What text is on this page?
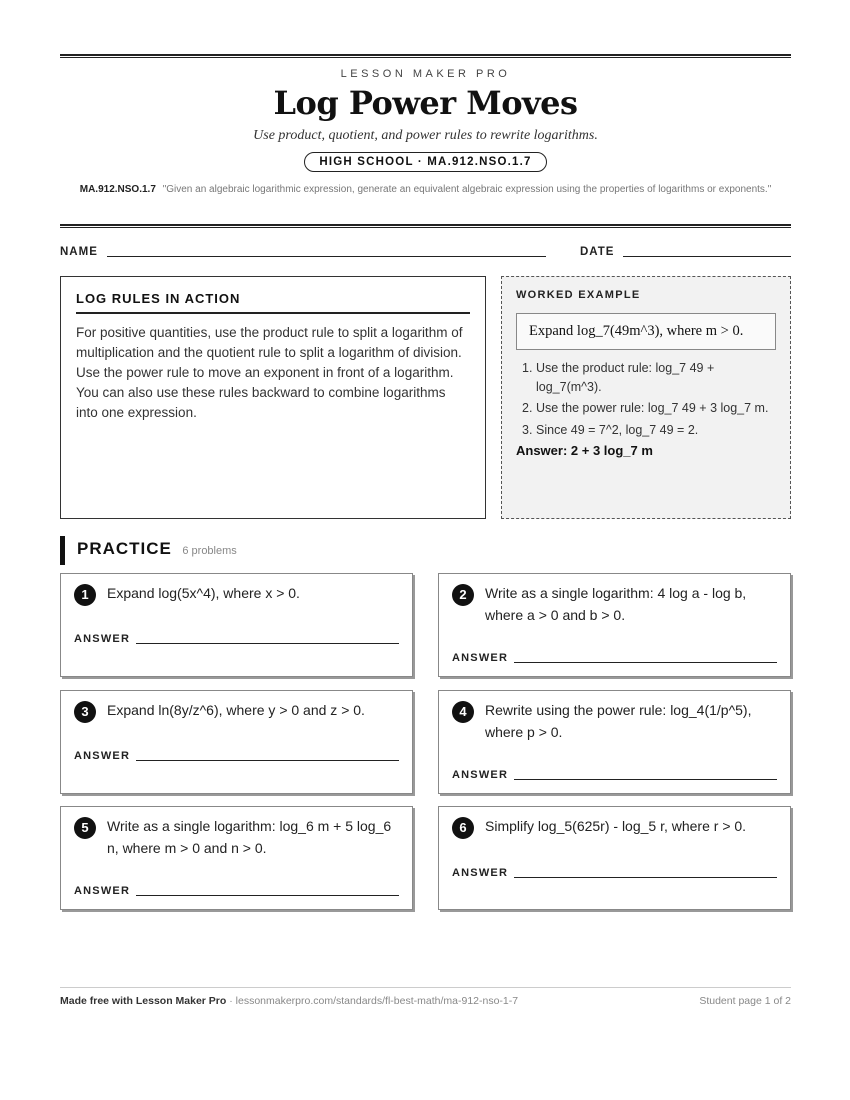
LESSON MAKER PRO
Log Power Moves
Use product, quotient, and power rules to rewrite logarithms.
HIGH SCHOOL · MA.912.NSO.1.7
MA.912.NSO.1.7 "Given an algebraic logarithmic expression, generate an equivalent algebraic expression using the properties of logarithms or exponents."
NAME	DATE
LOG RULES IN ACTION
For positive quantities, use the product rule to split a logarithm of multiplication and the quotient rule to split a logarithm of division. Use the power rule to move an exponent in front of a logarithm. You can also use these rules backward to combine logarithms into one expression.
WORKED EXAMPLE
Expand log_7(49m^3), where m > 0.
1. Use the product rule: log_7 49 + log_7(m^3).
2. Use the power rule: log_7 49 + 3 log_7 m.
3. Since 49 = 7^2, log_7 49 = 2.
Answer: 2 + 3 log_7 m
PRACTICE 6 problems
1	Expand log(5x^4), where x > 0.
ANSWER
2	Write as a single logarithm: 4 log a - log b, where a > 0 and b > 0.
ANSWER
3	Expand ln(8y/z^6), where y > 0 and z > 0.
ANSWER
4	Rewrite using the power rule: log_4(1/p^5), where p > 0.
ANSWER
5	Write as a single logarithm: log_6 m + 5 log_6 n, where m > 0 and n > 0.
ANSWER
6	Simplify log_5(625r) - log_5 r, where r > 0.
ANSWER
Made free with Lesson Maker Pro · lessonmakerpro.com/standards/fl-best-math/ma-912-nso-1-7	Student page 1 of 2
